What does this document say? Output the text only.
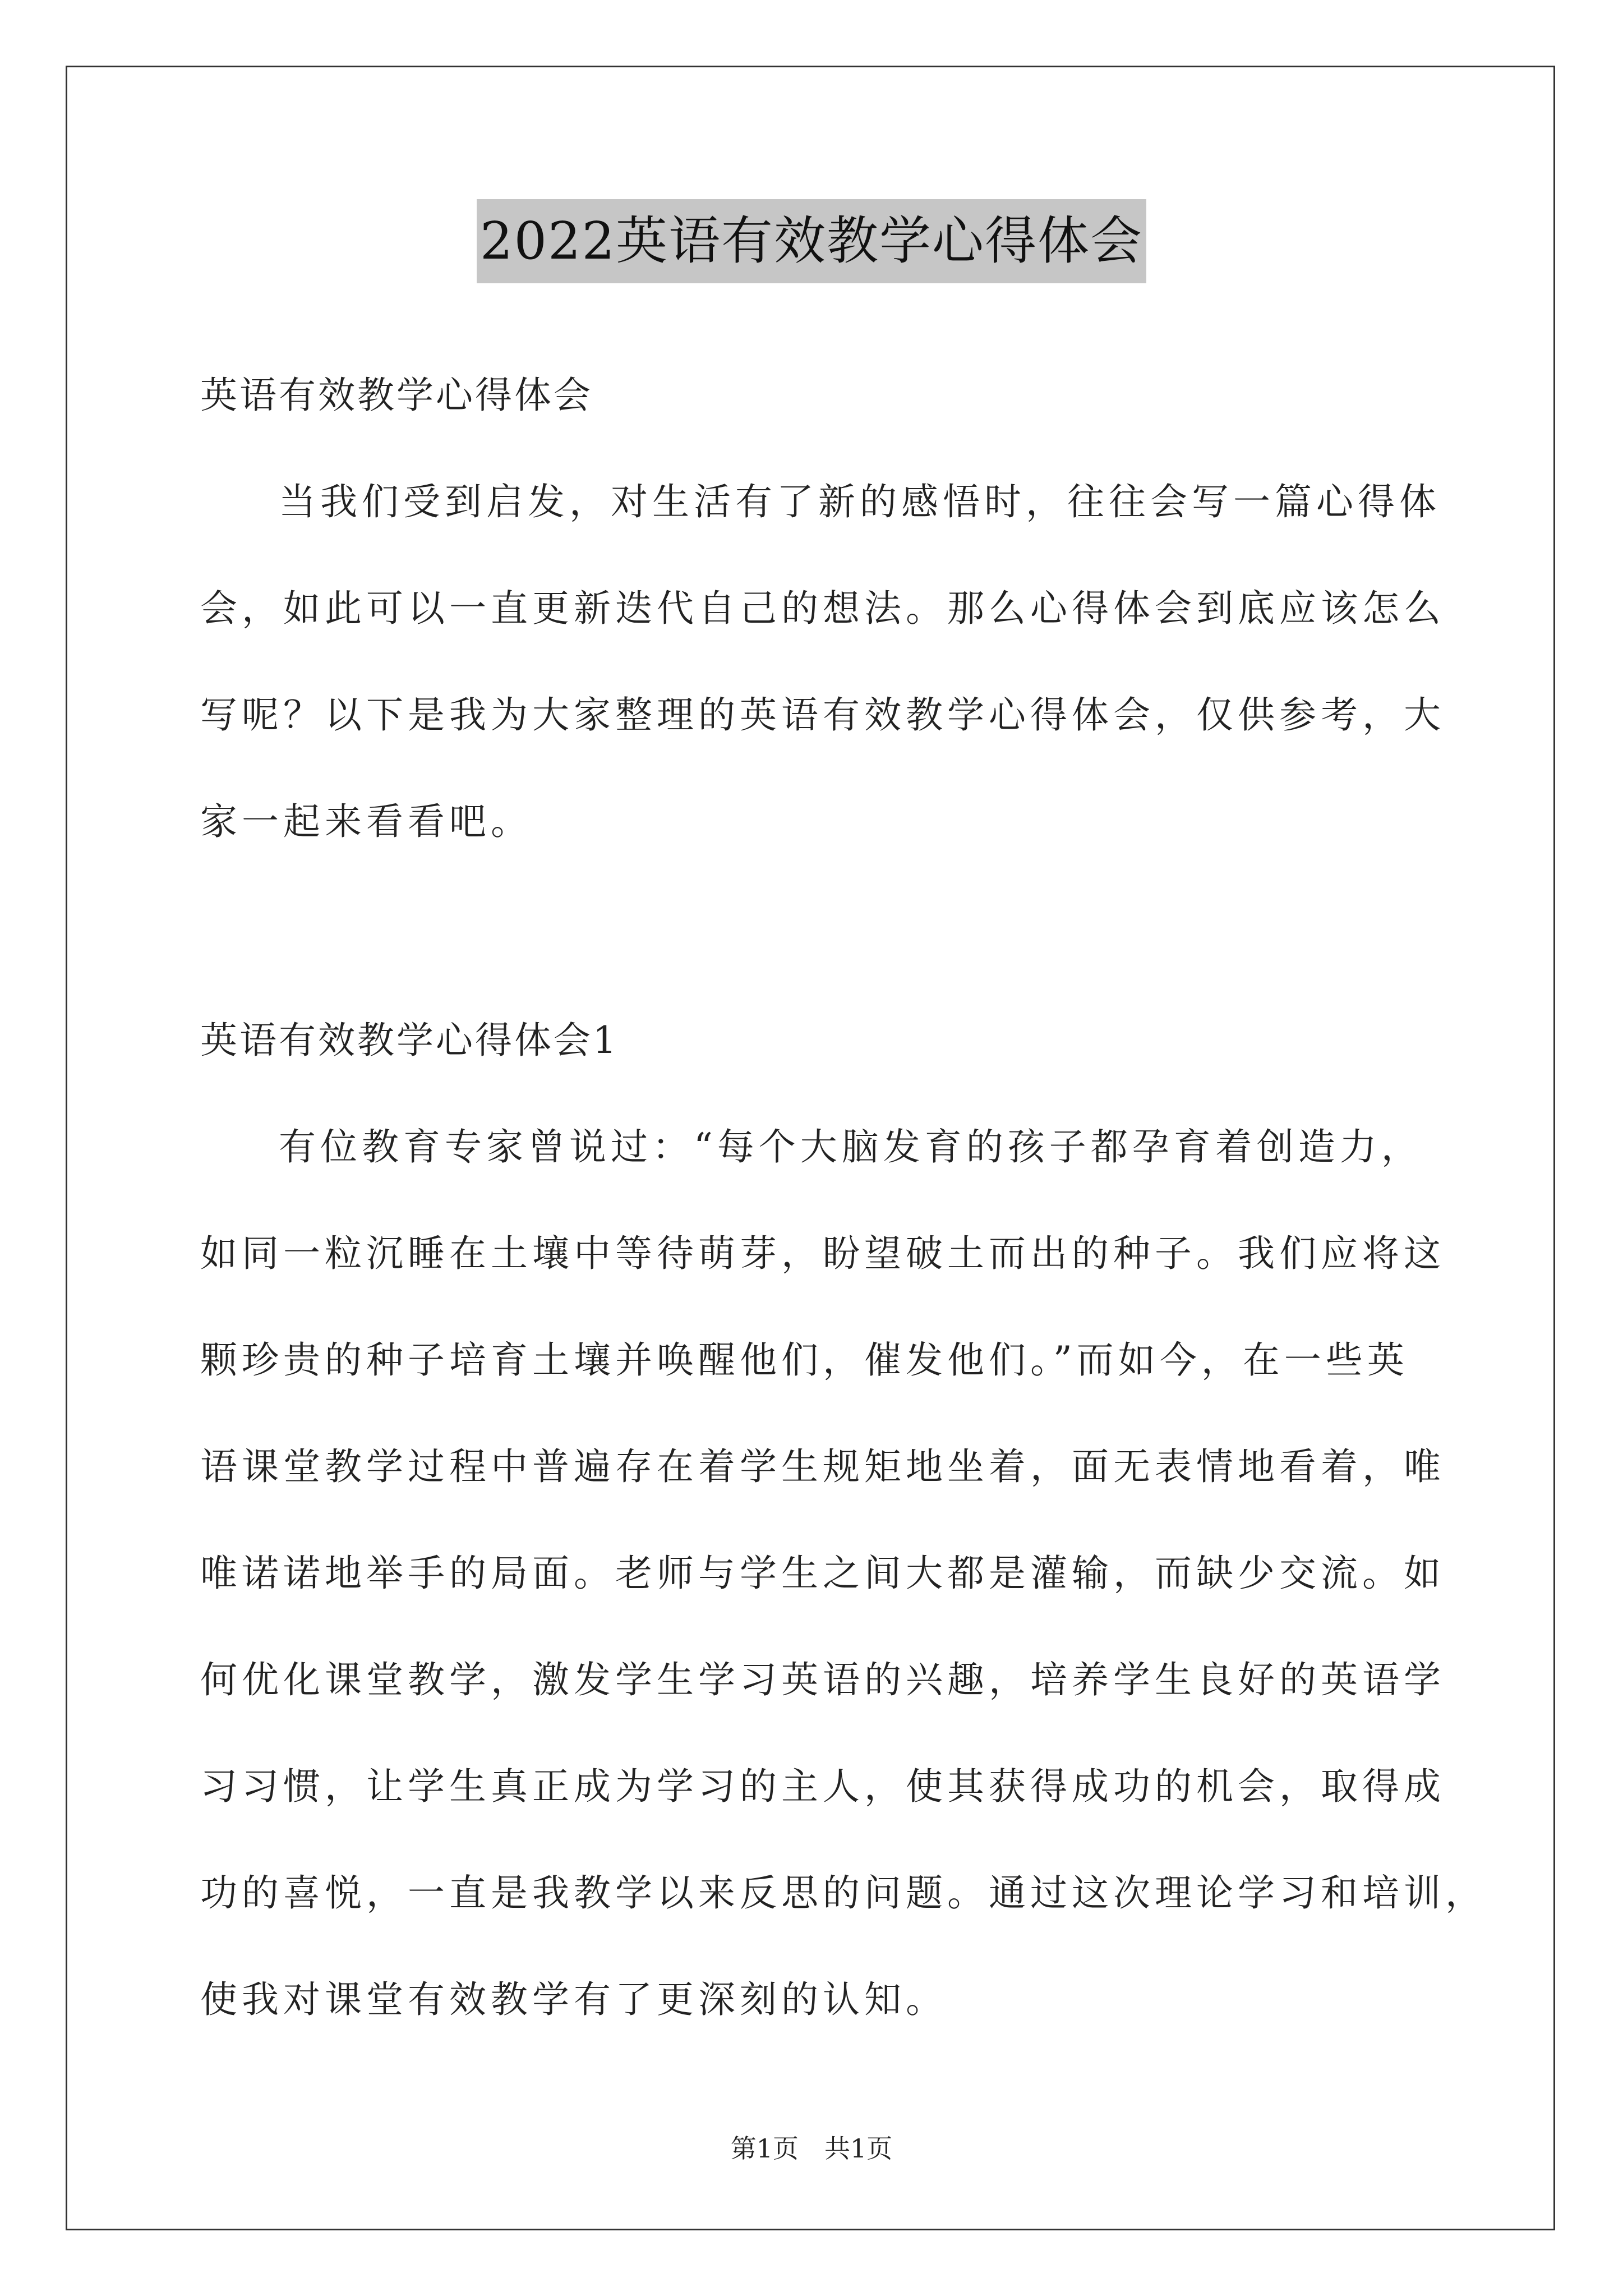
2022英语有效教学心得体会
英语有效教学心得体会
当我们受到启发，对生活有了新的感悟时，往往会写一篇心得体
会，如此可以一直更新迭代自己的想法。那么心得体会到底应该怎么
写呢？以下是我为大家整理的英语有效教学心得体会，仅供参考，大
家一起来看看吧。
英语有效教学心得体会1
有位教育专家曾说过：“每个大脑发育的孩子都孕育着创造力，
如同一粒沉睡在土壤中等待萌芽，盼望破土而出的种子。我们应将这
颗珍贵的种子培育土壤并唤醒他们，催发他们。”而如今，在一些英
语课堂教学过程中普遍存在着学生规矩地坐着，面无表情地看着，唯
唯诺诺地举手的局面。老师与学生之间大都是灌输，而缺少交流。如
何优化课堂教学，激发学生学习英语的兴趣，培养学生良好的英语学
习习惯，让学生真正成为学习的主人，使其获得成功的机会，取得成
功的喜悦，一直是我教学以来反思的问题。通过这次理论学习和培训，
使我对课堂有效教学有了更深刻的认知。
第1页　共1页
